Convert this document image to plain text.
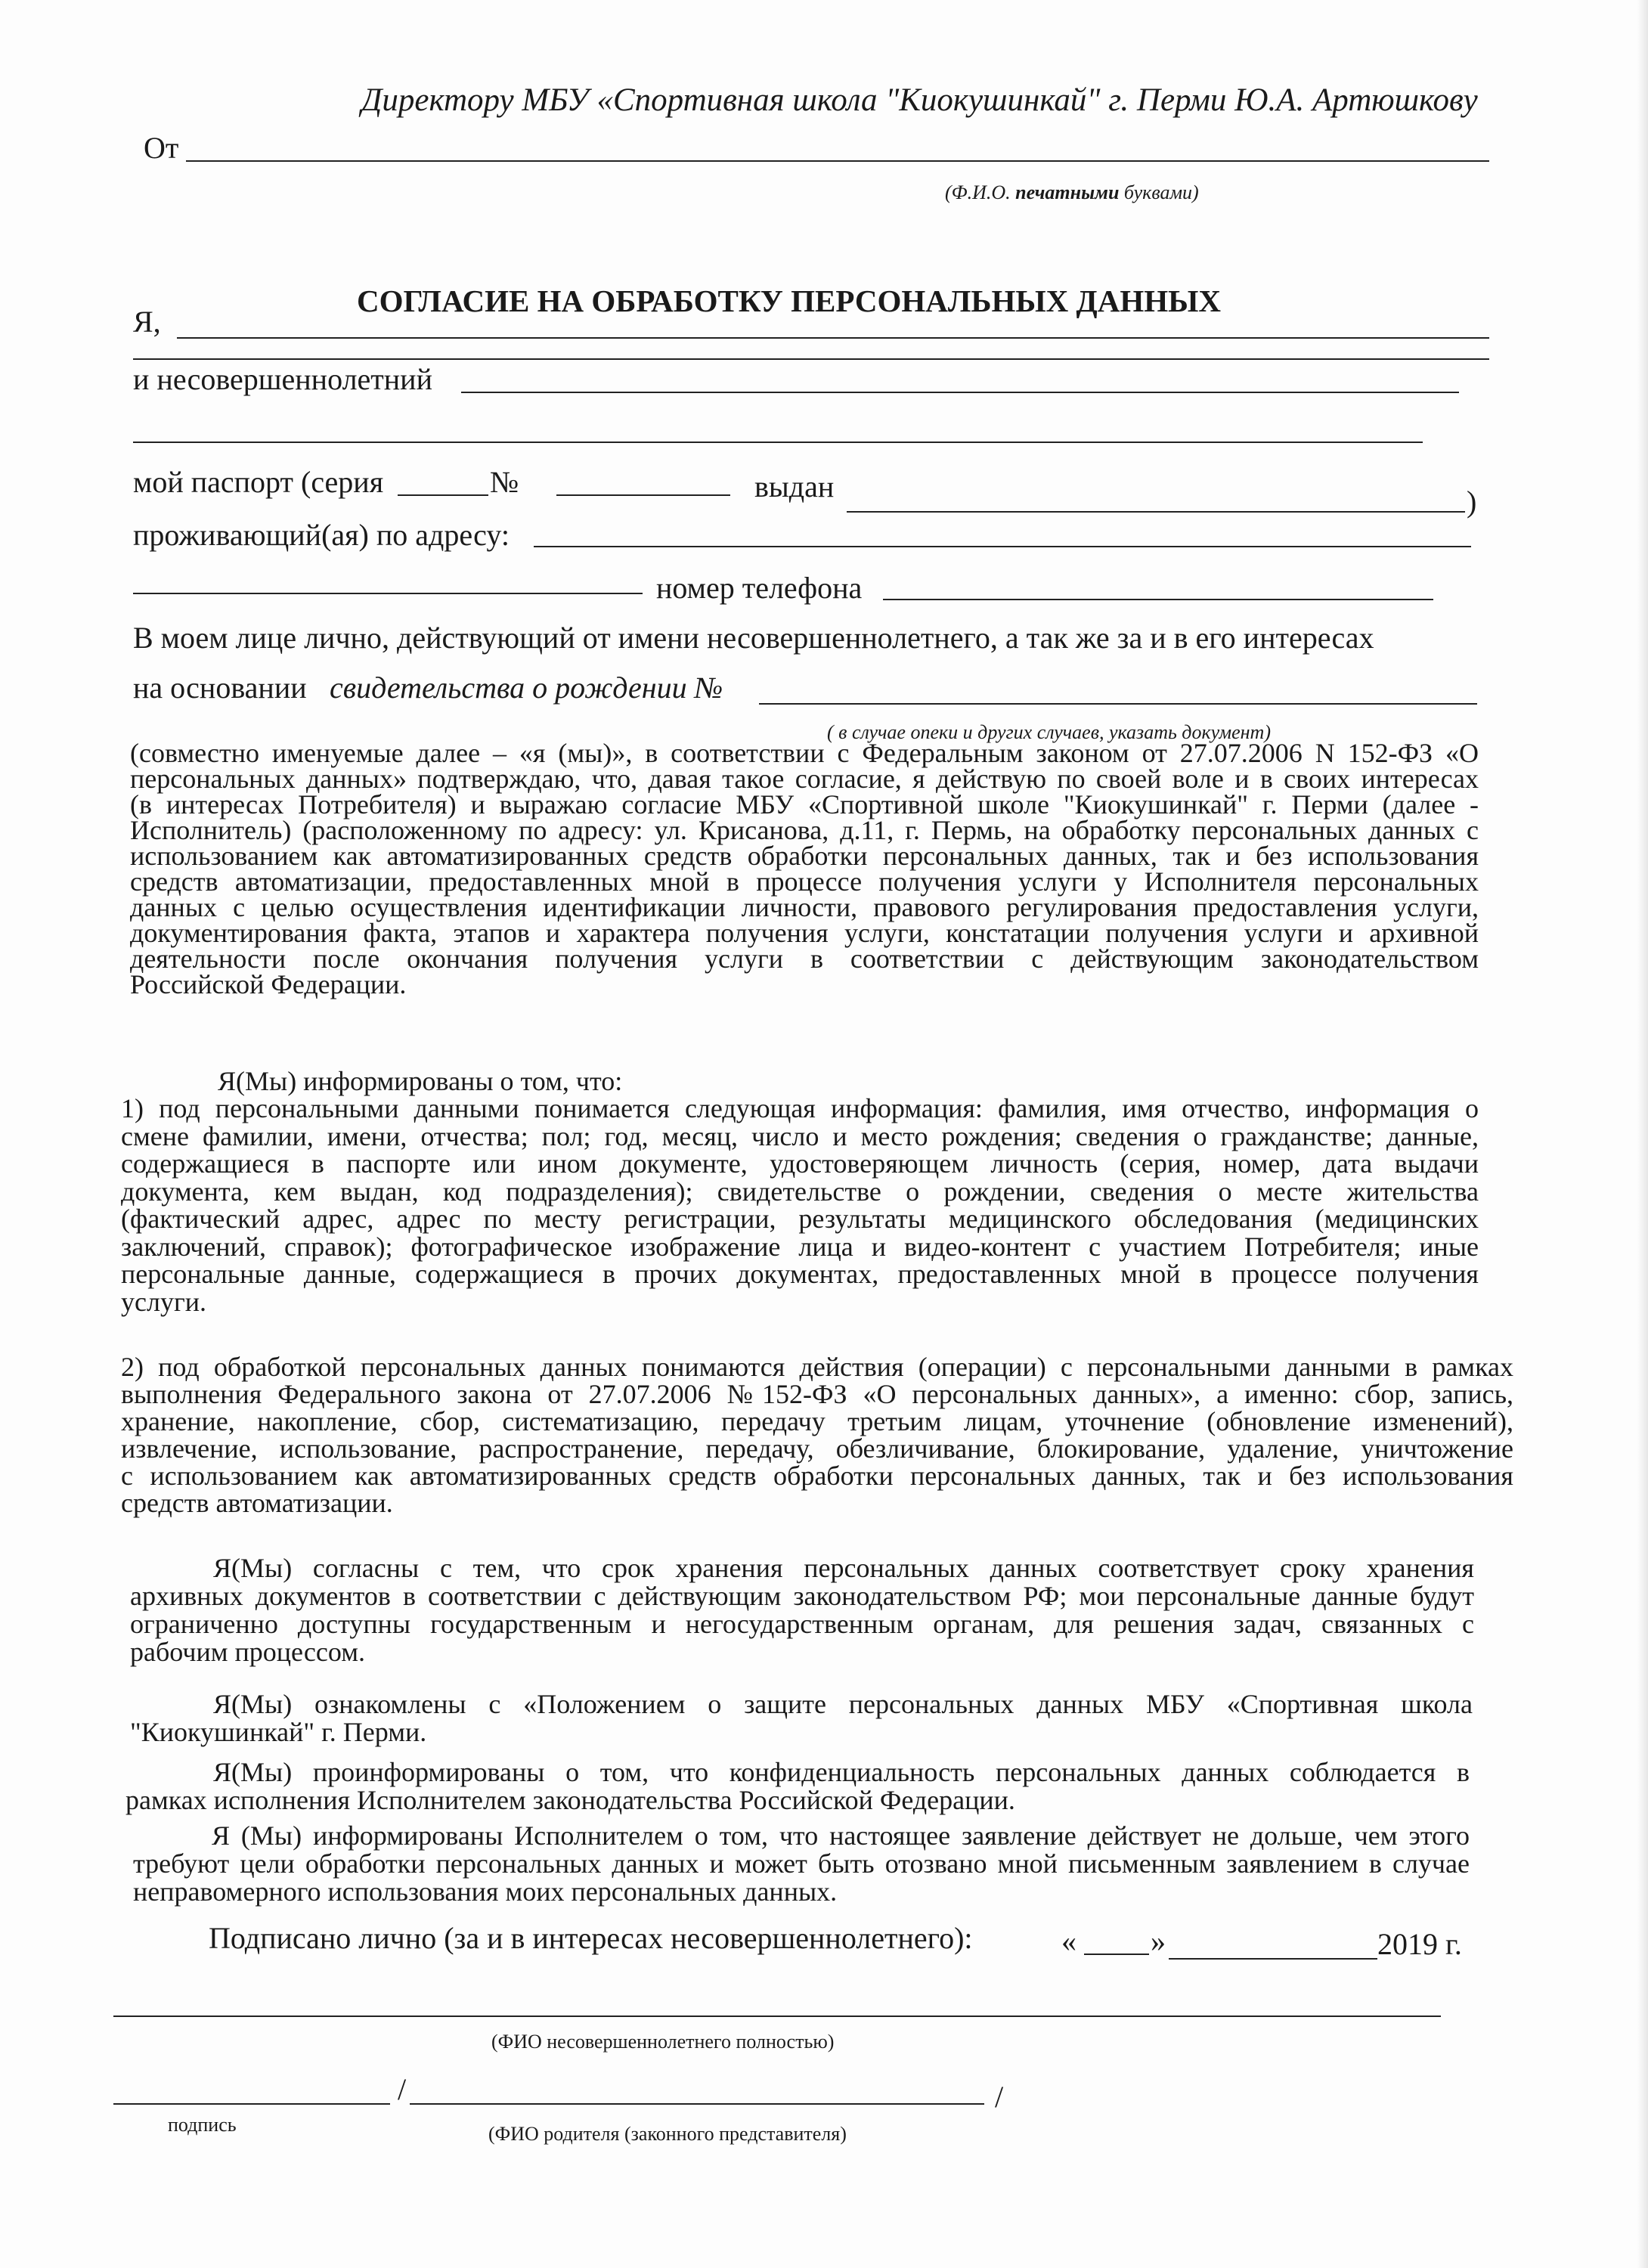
Директору МБУ «Спортивная школа "Киокушинкай" г. Перми Ю.А. Артюшкову
От
(Ф.И.О. печатными буквами)
СОГЛАСИЕ НА ОБРАБОТКУ ПЕРСОНАЛЬНЫХ ДАННЫХ
Я,
и несовершеннолетний
мой паспорт (серия	№	выдан	)
проживающий(ая) по адресу:
номер телефона
В моем лице лично, действующий от имени несовершеннолетнего, а так же за и в его интересах
на основании свидетельства о рождении №
( в случае опеки и других случаев, указать документ)
(совместно именуемые далее – «я (мы)», в соответствии с Федеральным законом от 27.07.2006 N 152-ФЗ «О
персональных данных» подтверждаю, что, давая такое согласие, я действую по своей воле и в своих интересах
(в интересах Потребителя) и выражаю согласие МБУ «Спортивной школе "Киокушинкай" г. Перми (далее -
Исполнитель) (расположенному по адресу: ул. Крисанова, д.11, г. Пермь, на обработку персональных данных с
использованием как автоматизированных средств обработки персональных данных, так и без использования
средств автоматизации, предоставленных мной в процессе получения услуги у Исполнителя персональных
данных с целью осуществления идентификации личности, правового регулирования предоставления услуги,
документирования факта, этапов и характера получения услуги, констатации получения услуги и архивной
деятельности после окончания получения услуги в соответствии с действующим законодательством
Российской Федерации.
Я(Мы) информированы о том, что:
1) под персональными данными понимается следующая информация: фамилия, имя отчество, информация о
смене фамилии, имени, отчества; пол; год, месяц, число и место рождения; сведения о гражданстве; данные,
содержащиеся в паспорте или ином документе, удостоверяющем личность (серия, номер, дата выдачи
документа, кем выдан, код подразделения); свидетельстве о рождении, сведения о месте жительства
(фактический адрес, адрес по месту регистрации, результаты медицинского обследования (медицинских
заключений, справок); фотографическое изображение лица и видео-контент с участием Потребителя; иные
персональные данные, содержащиеся в прочих документах, предоставленных мной в процессе получения
услуги.
2) под обработкой персональных данных понимаются действия (операции) с персональными данными в рамках
выполнения Федерального закона от 27.07.2006 №152-ФЗ «О персональных данных», а именно: сбор, запись,
хранение, накопление, сбор, систематизацию, передачу третьим лицам, уточнение (обновление изменений),
извлечение, использование, распространение, передачу, обезличивание, блокирование, удаление, уничтожение
с использованием как автоматизированных средств обработки персональных данных, так и без использования
средств автоматизации.
Я(Мы) согласны с тем, что срок хранения персональных данных соответствует сроку хранения
архивных документов в соответствии с действующим законодательством РФ; мои персональные данные будут
ограниченно доступны государственным и негосударственным органам, для решения задач, связанных с
рабочим процессом.
Я(Мы) ознакомлены с «Положением о защите персональных данных МБУ «Спортивная школа
"Киокушинкай" г. Перми.
Я(Мы) проинформированы о том, что конфиденциальность персональных данных соблюдается в
рамках исполнения Исполнителем законодательства Российской Федерации.
Я (Мы) информированы Исполнителем о том, что настоящее заявление действует не дольше, чем этого
требуют цели обработки персональных данных и может быть отозвано мной письменным заявлением в случае
неправомерного использования моих персональных данных.
Подписано лично (за и в интересах несовершеннолетнего):	« »	2019 г.
(ФИО несовершеннолетнего полностью)
/	/
подпись	(ФИО родителя (законного представителя)
